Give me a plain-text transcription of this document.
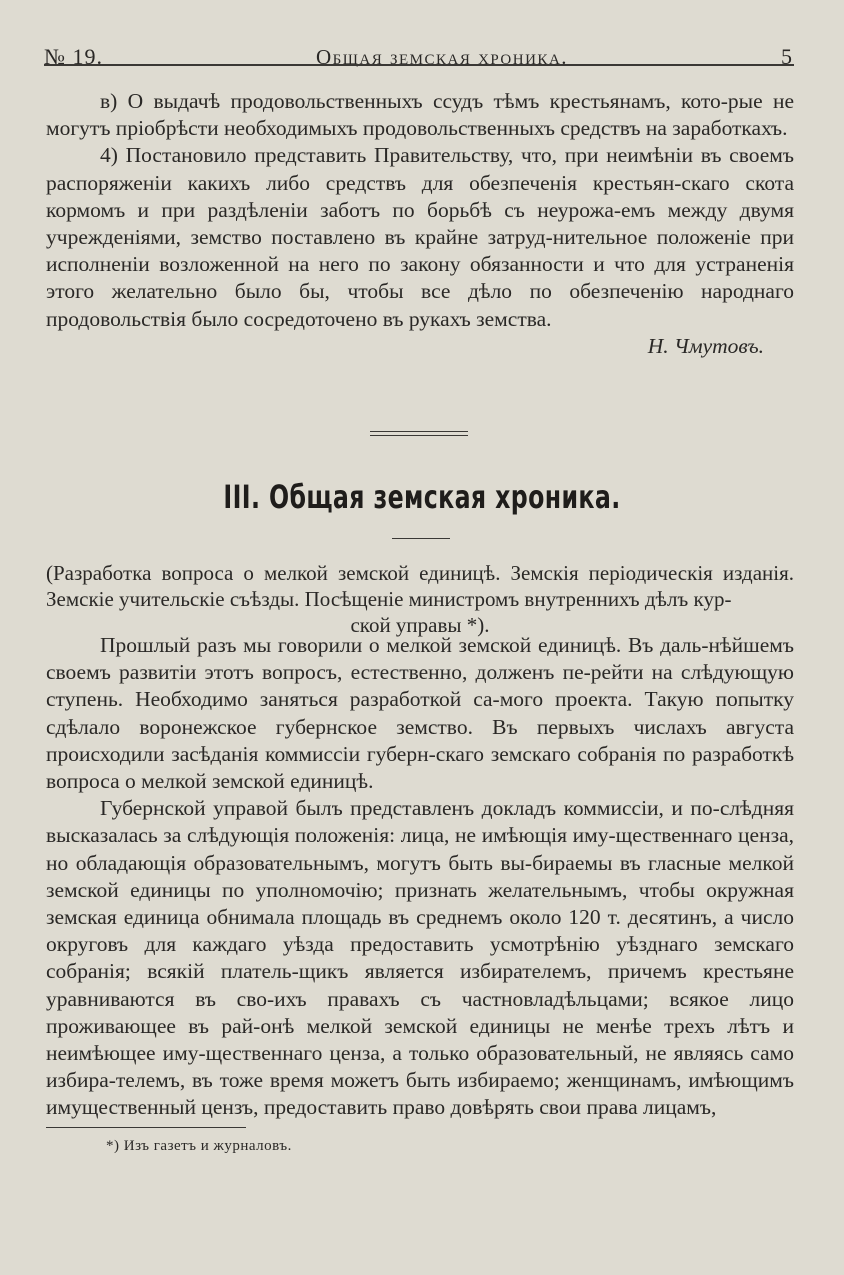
№ 19.	Общая земская хроника.	5

в) О выдачѣ продовольственныхъ ссудъ тѣмъ крестьянамъ, кото-рые не могутъ пріобрѣсти необходимыхъ продовольственныхъ средствъ на заработкахъ.

4) Постановило представить Правительству, что, при неимѣніи въ своемъ распоряженіи какихъ либо средствъ для обезпеченія крестьян-скаго скота кормомъ и при раздѣленіи заботъ по борьбѣ съ неурожа-емъ между двумя учрежденіями, земство поставлено въ крайне затруд-нительное положеніе при исполненіи возложенной на него по закону обязанности и что для устраненія этого желательно было бы, чтобы все дѣло по обезпеченію народнаго продовольствія было сосредоточено въ рукахъ земства.

Н. Чмутовъ.

III. Общая земская хроника.

(Разработка вопроса о мелкой земской единицѣ. Земскія періодическія изданія. Земскіе учительскіе съѣзды. Посѣщеніе министромъ внутреннихъ дѣлъ кур-

ской управы *).

Прошлый разъ мы говорили о мелкой земской единицѣ. Въ даль-нѣйшемъ своемъ развитіи этотъ вопросъ, естественно, долженъ пе-рейти на слѣдующую ступень. Необходимо заняться разработкой са-мого проекта. Такую попытку сдѣлало воронежское губернское земство. Въ первыхъ числахъ августа происходили засѣданія коммиссіи губерн-скаго земскаго собранія по разработкѣ вопроса о мелкой земской единицѣ.

Губернской управой былъ представленъ докладъ коммиссіи, и по-слѣдняя высказалась за слѣдующія положенія: лица, не имѣющія иму-щественнаго ценза, но обладающія образовательнымъ, могутъ быть вы-бираемы въ гласные мелкой земской единицы по уполномочію; признать желательнымъ, чтобы окружная земская единица обнимала площадь въ среднемъ около 120 т. десятинъ, а число округовъ для каждаго уѣзда предоставить усмотрѣнію уѣзднаго земскаго собранія; всякій платель-щикъ является избирателемъ, причемъ крестьяне уравниваются въ сво-ихъ правахъ съ частновладѣльцами; всякое лицо проживающее въ рай-онѣ мелкой земской единицы не менѣе трехъ лѣтъ и неимѣющее иму-щественнаго ценза, а только образовательный, не являясь само избира-телемъ, въ тоже время можетъ быть избираемо; женщинамъ, имѣющимъ имущественный цензъ, предоставить право довѣрять свои права лицамъ,

*) Изъ газетъ и журналовъ.
